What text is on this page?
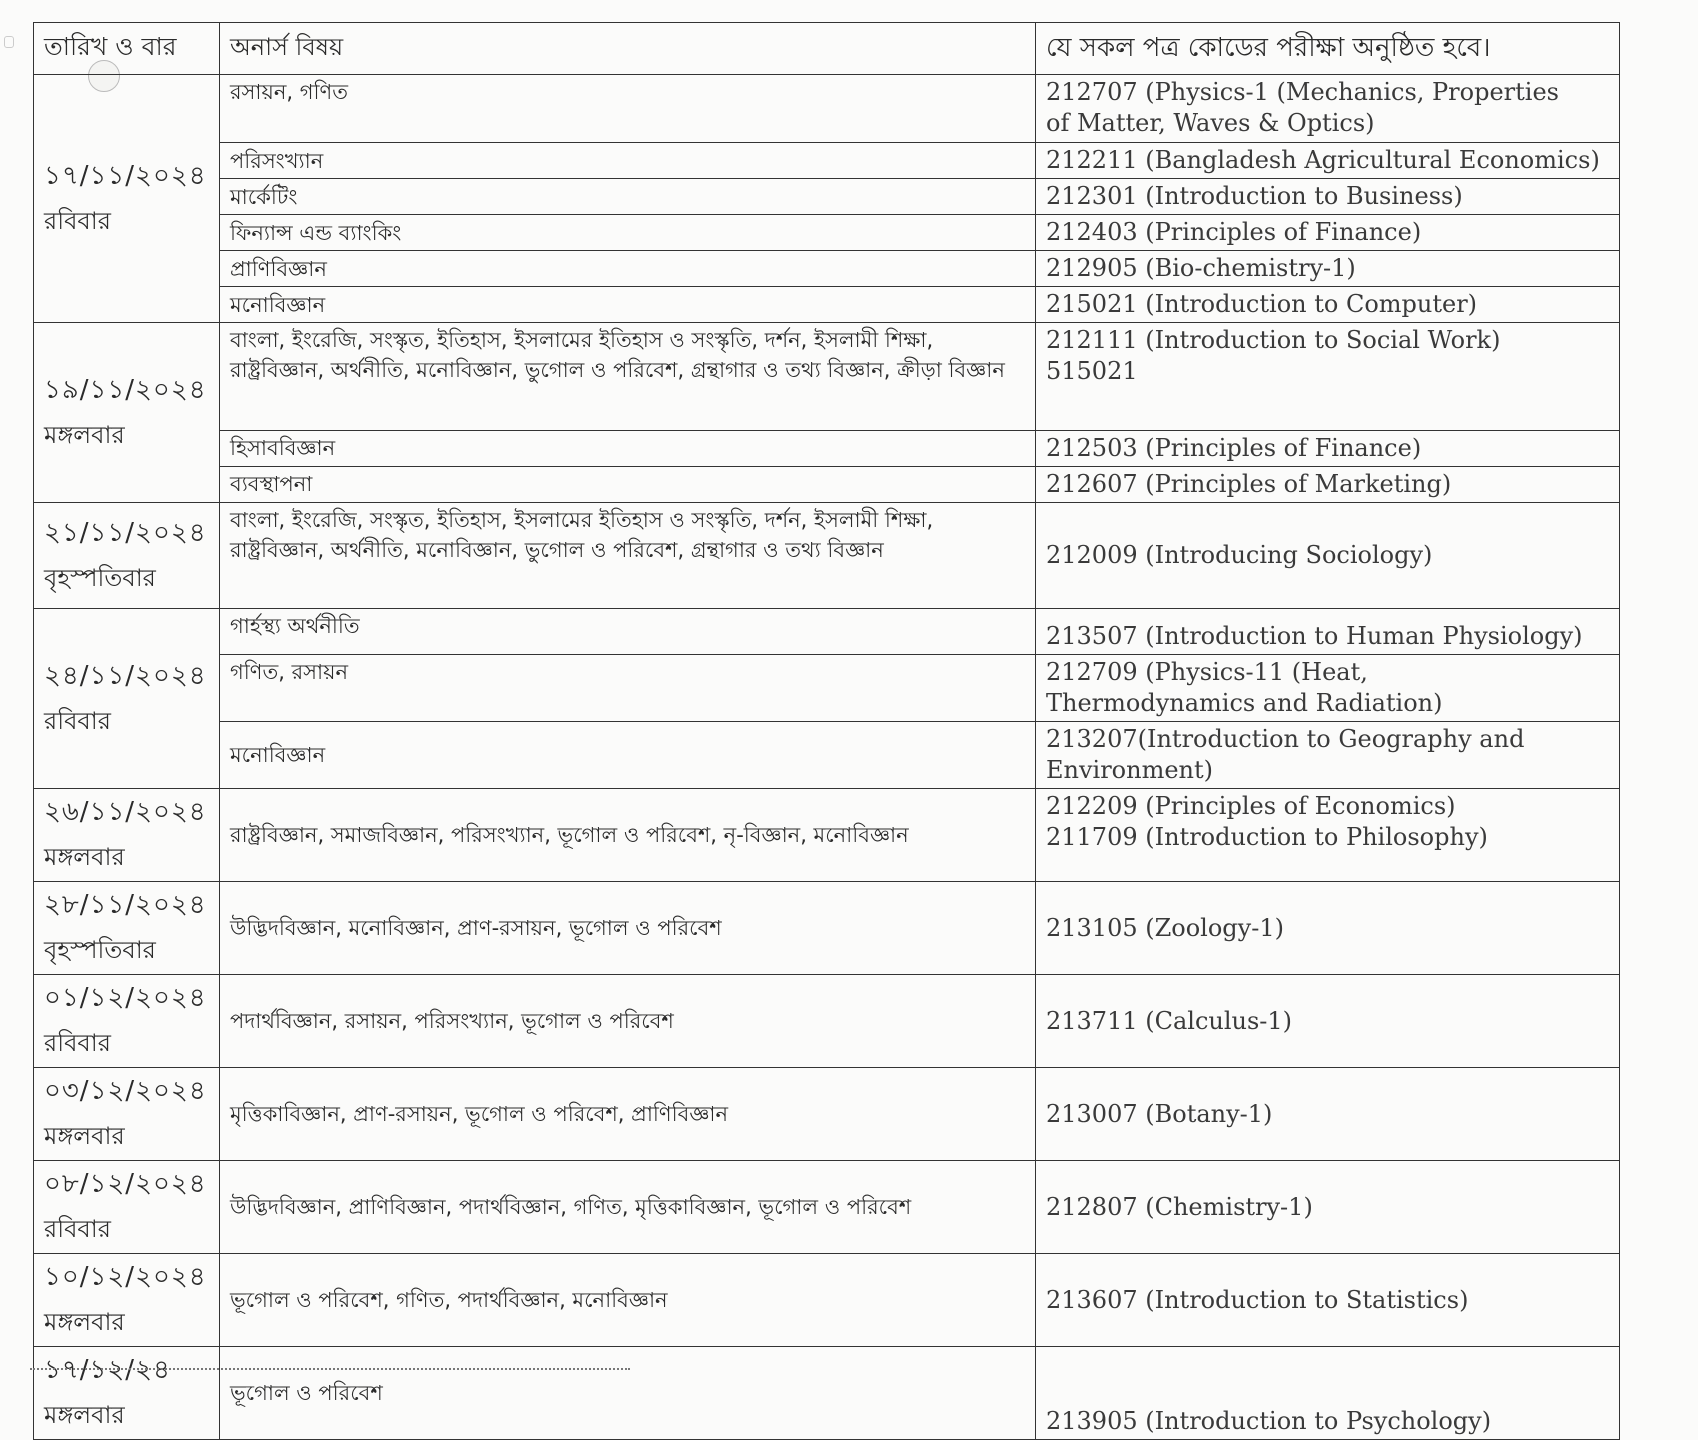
তারিখ ও বার	অনার্স বিষয়	যে সকল পত্র কোডের পরীক্ষা অনুষ্ঠিত হবে।

১৭/১১/২০২৪
রবিবার	রসায়ন, গণিত	212707 (Physics-1 (Mechanics, Properties
of Matter, Waves & Optics)

	পরিসংখ্যান	212211 (Bangladesh Agricultural Economics)

	মার্কেটিং	212301 (Introduction to Business)

	ফিন্যান্স এন্ড ব্যাংকিং	212403 (Principles of Finance)

	প্রাণিবিজ্ঞান	212905 (Bio-chemistry-1)

	মনোবিজ্ঞান	215021 (Introduction to Computer)

১৯/১১/২০২৪
মঙ্গলবার	বাংলা, ইংরেজি, সংস্কৃত, ইতিহাস, ইসলামের ইতিহাস ও সংস্কৃতি, দর্শন, ইসলামী শিক্ষা, রাষ্ট্রবিজ্ঞান, অর্থনীতি, মনোবিজ্ঞান, ভুগোল ও পরিবেশ, গ্রন্থাগার ও তথ্য বিজ্ঞান, ক্রীড়া বিজ্ঞান	212111 (Introduction to Social Work)
515021

	হিসাববিজ্ঞান	212503 (Principles of Finance)

	ব্যবস্থাপনা	212607 (Principles of Marketing)

২১/১১/২০২৪
বৃহস্পতিবার	বাংলা, ইংরেজি, সংস্কৃত, ইতিহাস, ইসলামের ইতিহাস ও সংস্কৃতি, দর্শন, ইসলামী শিক্ষা, রাষ্ট্রবিজ্ঞান, অর্থনীতি, মনোবিজ্ঞান, ভুগোল ও পরিবেশ, গ্রন্থাগার ও তথ্য বিজ্ঞান	212009 (Introducing Sociology)

২৪/১১/২০২৪
রবিবার	গার্হস্থ্য অর্থনীতি	213507 (Introduction to Human Physiology)

	গণিত, রসায়ন	212709 (Physics-11 (Heat,
Thermodynamics and Radiation)

	মনোবিজ্ঞান	213207(Introduction to Geography and
Environment)

২৬/১১/২০২৪
মঙ্গলবার	রাষ্ট্রবিজ্ঞান, সমাজবিজ্ঞান, পরিসংখ্যান, ভূগোল ও পরিবেশ, নৃ-বিজ্ঞান, মনোবিজ্ঞান	212209 (Principles of Economics)
211709 (Introduction to Philosophy)

২৮/১১/২০২৪
বৃহস্পতিবার	উদ্ভিদবিজ্ঞান, মনোবিজ্ঞান, প্রাণ-রসায়ন, ভূগোল ও পরিবেশ	213105 (Zoology-1)

০১/১২/২০২৪
রবিবার	পদার্থবিজ্ঞান, রসায়ন, পরিসংখ্যান, ভূগোল ও পরিবেশ	213711 (Calculus-1)

০৩/১২/২০২৪
মঙ্গলবার	মৃত্তিকাবিজ্ঞান, প্রাণ-রসায়ন, ভূগোল ও পরিবেশ, প্রাণিবিজ্ঞান	213007 (Botany-1)

০৮/১২/২০২৪
রবিবার	উদ্ভিদবিজ্ঞান, প্রাণিবিজ্ঞান, পদার্থবিজ্ঞান, গণিত, মৃত্তিকাবিজ্ঞান, ভূগোল ও পরিবেশ	212807 (Chemistry-1)

১০/১২/২০২৪
মঙ্গলবার	ভূগোল ও পরিবেশ, গণিত, পদার্থবিজ্ঞান, মনোবিজ্ঞান	213607 (Introduction to Statistics)

১৭/১২/২৪
মঙ্গলবার	ভূগোল ও পরিবেশ	213905 (Introduction to Psychology)
